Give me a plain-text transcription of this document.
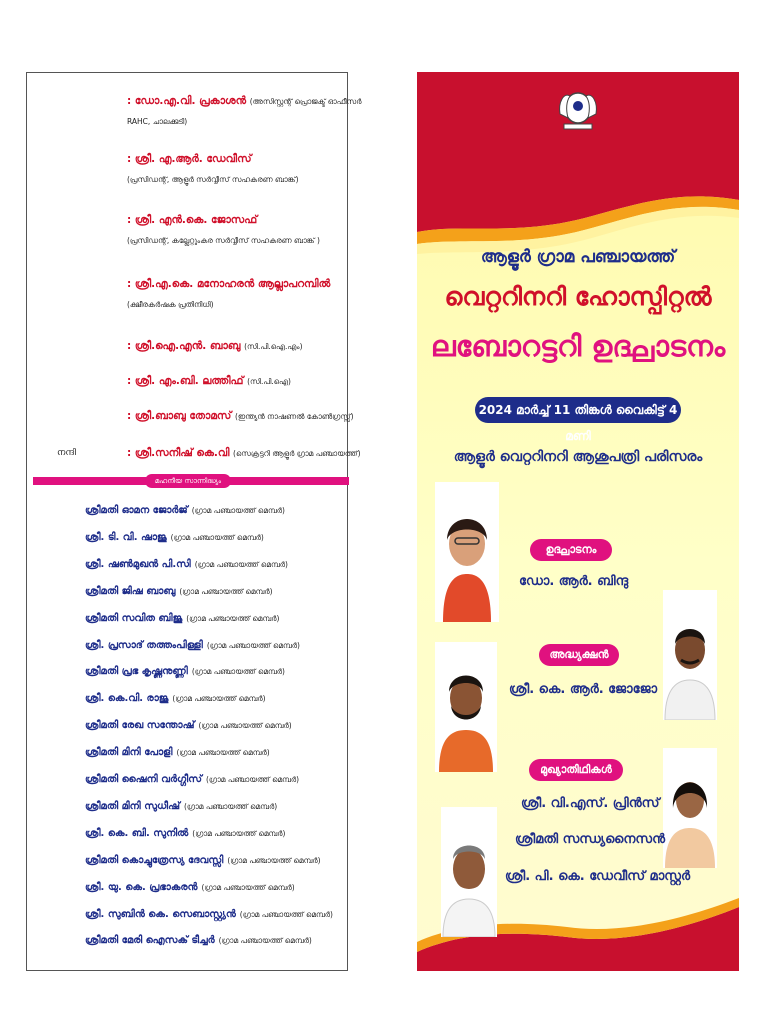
: ഡോ.എ.വി. പ്രകാശൻ (അസിസ്റ്റന്റ് പ്രൊജക്ട് ഓഫീസർ
RAHC, ചാലക്കുടി)
: ശ്രീ. എ.ആർ. ഡേവീസ്
(പ്രസിഡന്റ്, ആളൂർ സർവ്വീസ് സഹകരണ ബാങ്ക്)
: ശ്രീ. എൻ.കെ. ജോസഫ്
(പ്രസിഡന്റ്, കല്ലേറ്റുംകര സർവ്വീസ് സഹകരണ ബാങ്ക് )
: ശ്രീ.എ.കെ. മനോഹരൻ ആല്ലാപറമ്പിൽ
(ക്ഷീരകർഷക പ്രതിനിധി)
: ശ്രീ.ഐ.എൻ. ബാബു (സി.പി.ഐ.എം)
: ശ്രീ. എം.ബി. ലത്തീഫ് (സി.പി.ഐ)
: ശ്രീ.ബാബു തോമസ് (ഇന്ത്യൻ നാഷണൽ കോൺഗ്രസ്സ്)
നന്ദി	: ശ്രീ.സനീഷ് കെ.വി (സെക്രട്ടറി ആളൂർ ഗ്രാമ പഞ്ചായത്ത്)
മഹനീയ സാന്നിദ്ധ്യം
ശ്രീമതി ഓമന ജോർജ് (ഗ്രാമ പഞ്ചായത്ത് മെമ്പർ)
ശ്രീ. ടി. വി. ഷാജു (ഗ്രാമ പഞ്ചായത്ത് മെമ്പർ)
ശ്രീ. ഷൺമുഖൻ പി.സി (ഗ്രാമ പഞ്ചായത്ത് മെമ്പർ)
ശ്രീമതി ജിഷ ബാബു (ഗ്രാമ പഞ്ചായത്ത് മെമ്പർ)
ശ്രീമതി സവിത ബിജു (ഗ്രാമ പഞ്ചായത്ത് മെമ്പർ)
ശ്രീ. പ്രസാദ് തത്തംപിള്ളി (ഗ്രാമ പഞ്ചായത്ത് മെമ്പർ)
ശ്രീമതി പ്രഭ കൃഷ്ണനുണ്ണി (ഗ്രാമ പഞ്ചായത്ത് മെമ്പർ)
ശ്രീ. കെ.വി. രാജു (ഗ്രാമ പഞ്ചായത്ത് മെമ്പർ)
ശ്രീമതി രേഖ സന്തോഷ് (ഗ്രാമ പഞ്ചായത്ത് മെമ്പർ)
ശ്രീമതി മിനി പോളി (ഗ്രാമ പഞ്ചായത്ത് മെമ്പർ)
ശ്രീമതി ഷൈനി വർഗ്ഗീസ് (ഗ്രാമ പഞ്ചായത്ത് മെമ്പർ)
ശ്രീമതി മിനി സുധീഷ് (ഗ്രാമ പഞ്ചായത്ത് മെമ്പർ)
ശ്രീ. കെ. ബി. സുനിൽ (ഗ്രാമ പഞ്ചായത്ത് മെമ്പർ)
ശ്രീമതി കൊച്ചുത്രേസ്യ ദേവസ്സി (ഗ്രാമ പഞ്ചായത്ത് മെമ്പർ)
ശ്രീ. യു. കെ. പ്രഭാകരൻ (ഗ്രാമ പഞ്ചായത്ത് മെമ്പർ)
ശ്രീ. സുബിൻ കെ. സെബാസ്റ്റ്യൻ (ഗ്രാമ പഞ്ചായത്ത് മെമ്പർ)
ശ്രീമതി മേരി ഐസക് ടീച്ചർ (ഗ്രാമ പഞ്ചായത്ത് മെമ്പർ)
ആളൂർ ഗ്രാമ പഞ്ചായത്ത്
വെറ്ററിനറി ഹോസ്പിറ്റൽ
ലബോറട്ടറി ഉദ്ഘാടനം
2024 മാർച്ച് 11 തിങ്കൾ വൈകിട്ട് 4 മണി
ആളൂർ വെറ്ററിനറി ആശുപത്രി പരിസരം
ഉദ്ഘാടനം
ഡോ. ആർ. ബിന്ദു
അദ്ധ്യക്ഷൻ
ശ്രീ. കെ. ആർ. ജോജോ
മുഖ്യാതിഥികൾ
ശ്രീ. വി.എസ്. പ്രിൻസ്
ശ്രീമതി സന്ധ്യനൈസൻ
ശ്രീ. പി. കെ. ഡേവീസ് മാസ്റ്റർ
